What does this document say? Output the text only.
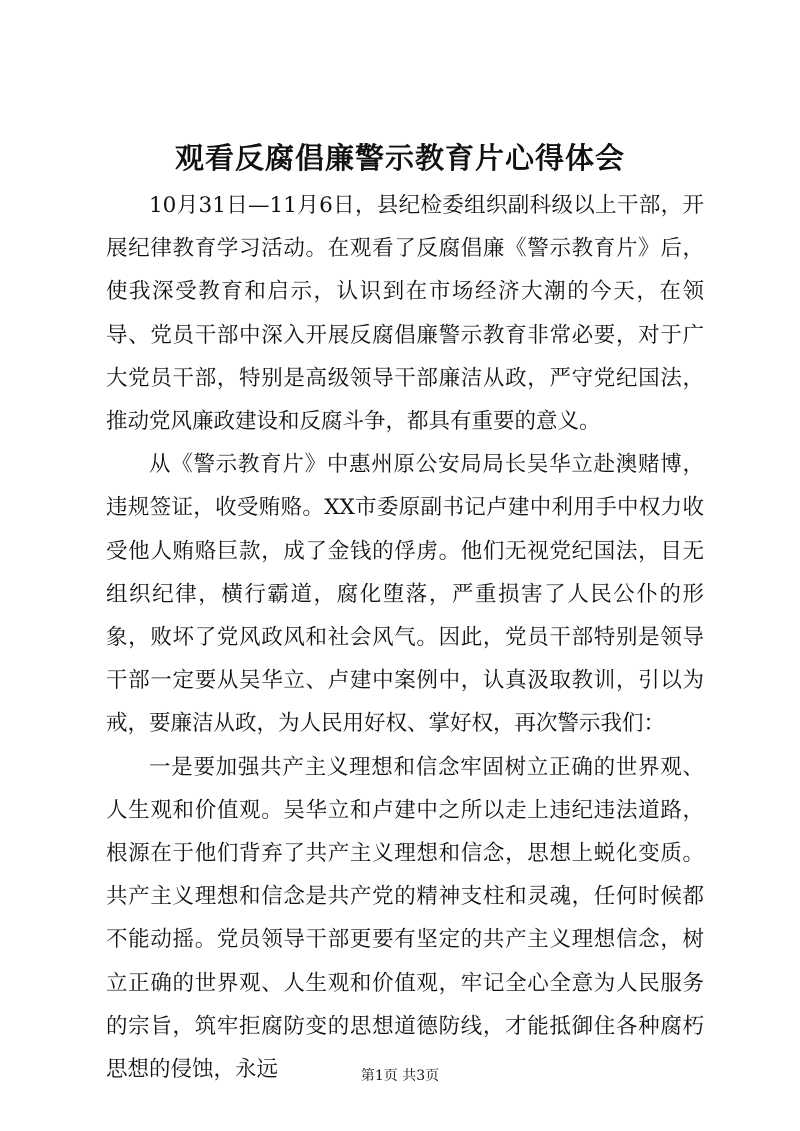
观看反腐倡廉警示教育片心得体会

10月31日—11月6日，县纪检委组织副科级以上干部，开展纪律教育学习活动。在观看了反腐倡廉《警示教育片》后，使我深受教育和启示，认识到在市场经济大潮的今天，在领导、党员干部中深入开展反腐倡廉警示教育非常必要，对于广大党员干部，特别是高级领导干部廉洁从政，严守党纪国法，推动党风廉政建设和反腐斗争，都具有重要的意义。

从《警示教育片》中惠州原公安局局长吴华立赴澳赌博，违规签证，收受贿赂。XX市委原副书记卢建中利用手中权力收受他人贿赂巨款，成了金钱的俘虏。他们无视党纪国法，目无组织纪律，横行霸道，腐化堕落，严重损害了人民公仆的形象，败坏了党风政风和社会风气。因此，党员干部特别是领导干部一定要从吴华立、卢建中案例中，认真汲取教训，引以为戒，要廉洁从政，为人民用好权、掌好权，再次警示我们：

一是要加强共产主义理想和信念牢固树立正确的世界观、人生观和价值观。吴华立和卢建中之所以走上违纪违法道路，根源在于他们背弃了共产主义理想和信念，思想上蜕化变质。共产主义理想和信念是共产党的精神支柱和灵魂，任何时候都不能动摇。党员领导干部更要有坚定的共产主义理想信念，树立正确的世界观、人生观和价值观，牢记全心全意为人民服务的宗旨，筑牢拒腐防变的思想道德防线，才能抵御住各种腐朽思想的侵蚀，永远	第1页 共3页
